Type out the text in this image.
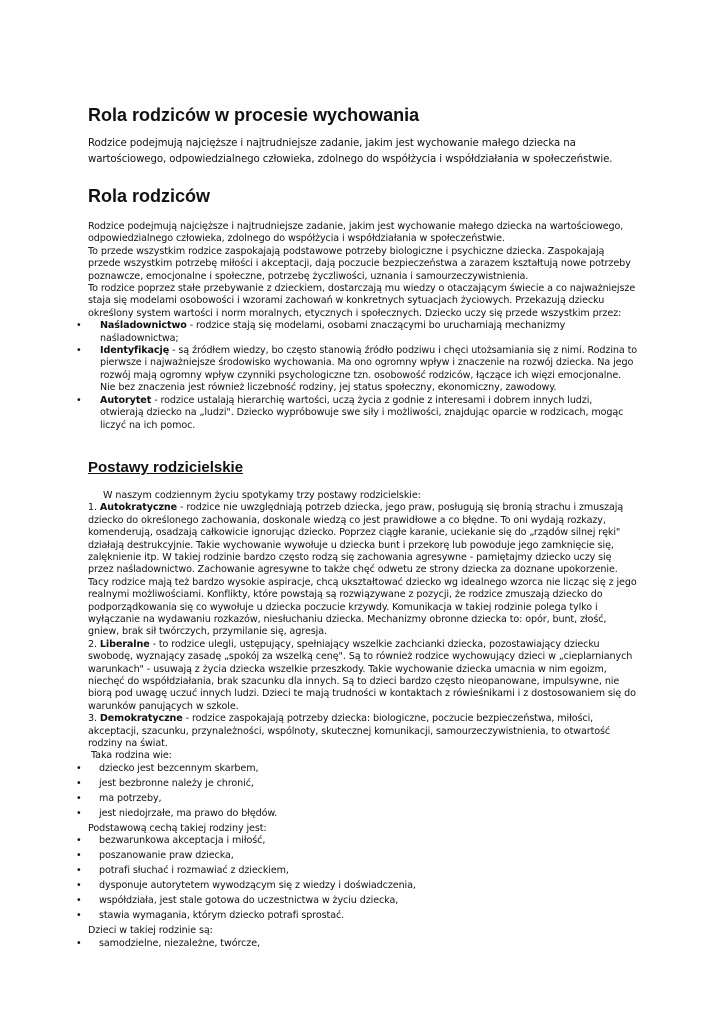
Rola rodziców w procesie wychowania

Rodzice podejmują najcięższe i najtrudniejsze zadanie, jakim jest wychowanie małego dziecka na wartościowego, odpowiedzialnego człowieka, zdolnego do współżycia i współdziałania w społeczeństwie.

Rola rodziców

Rodzice podejmują najcięższe i najtrudniejsze zadanie, jakim jest wychowanie małego dziecka na wartościowego, odpowiedzialnego człowieka, zdolnego do współżycia i współdziałania w społeczeństwie.

To przede wszystkim rodzice zaspokajają podstawowe potrzeby biologiczne i psychiczne dziecka. Zaspokajają przede wszystkim potrzebę miłości i akceptacji, dają poczucie bezpieczeństwa a zarazem kształtują nowe potrzeby poznawcze, emocjonalne i społeczne, potrzebę życzliwości, uznania i samourzeczywistnienia.

To rodzice poprzez stałe przebywanie z dzieckiem, dostarczają mu wiedzy o otaczającym świecie a co najważniejsze staja się modelami osobowości i wzorami zachowań w konkretnych sytuacjach życiowych. Przekazują dziecku określony system wartości i norm moralnych, etycznych i społecznych. Dziecko uczy się przede wszystkim przez:

• Naśladownictwo - rodzice stają się modelami, osobami znaczącymi bo uruchamiają mechanizmy naśladownictwa;
• Identyfikację - są źródłem wiedzy, bo często stanowią źródło podziwu i chęci utożsamiania się z nimi. Rodzina to pierwsze i najważniejsze środowisko wychowania. Ma ono ogromny wpływ i znaczenie na rozwój dziecka. Na jego rozwój mają ogromny wpływ czynniki psychologiczne tzn. osobowość rodziców, łączące ich więzi emocjonalne. Nie bez znaczenia jest również liczebność rodziny, jej status społeczny, ekonomiczny, zawodowy.
• Autorytet - rodzice ustalają hierarchię wartości, uczą życia z godnie z interesami i dobrem innych ludzi, otwierają dziecko na „ludzi". Dziecko wypróbowuje swe siły i możliwości, znajdując oparcie w rodzicach, mogąc liczyć na ich pomoc.
Postawy rodzicielskie

W naszym codziennym życiu spotykamy trzy postawy rodzicielskie:

1. Autokratyczne - rodzice nie uwzględniają potrzeb dziecka, jego praw, posługują się bronią strachu i zmuszają dziecko do określonego zachowania, doskonale wiedzą co jest prawidłowe a co błędne. To oni wydają rozkazy, komenderują, osadzają całkowicie ignorując dziecko. Poprzez ciągłe karanie, uciekanie się do „rządów silnej ręki" działają destrukcyjnie. Takie wychowanie wywołuje u dziecka bunt i przekorę lub powoduje jego zamknięcie się, zalęknienie itp. W takiej rodzinie bardzo często rodzą się zachowania agresywne - pamiętajmy dziecko uczy się przez naśladownictwo. Zachowanie agresywne to także chęć odwetu ze strony dziecka za doznane upokorzenie. Tacy rodzice mają też bardzo wysokie aspiracje, chcą ukształtować dziecko wg idealnego wzorca nie licząc się z jego realnymi możliwościami. Konflikty, które powstają są rozwiązywane z pozycji, że rodzice zmuszają dziecko do podporządkowania się co wywołuje u dziecka poczucie krzywdy. Komunikacja w takiej rodzinie polega tylko i wyłączanie na wydawaniu rozkazów, niesłuchaniu dziecka. Mechanizmy obronne dziecka to: opór, bunt, złość, gniew, brak sił twórczych, przymilanie się, agresja.

2. Liberalne - to rodzice ulegli, ustępujący, spełniający wszelkie zachcianki dziecka, pozostawiający dziecku swobodę, wyznający zasadę „spokój za wszelką cenę". Są to również rodzice wychowujący dzieci w „cieplarnianych warunkach" - usuwają z życia dziecka wszelkie przeszkody. Takie wychowanie dziecka umacnia w nim egoizm, niechęć do współdziałania, brak szacunku dla innych. Są to dzieci bardzo często nieopanowane, impulsywne, nie biorą pod uwagę uczuć innych ludzi. Dzieci te mają trudności w kontaktach z rówieśnikami i z dostosowaniem się do warunków panujących w szkole.

3. Demokratyczne - rodzice zaspokajają potrzeby dziecka: biologiczne, poczucie bezpieczeństwa, miłości, akceptacji, szacunku, przynależności, wspólnoty, skutecznej komunikacji, samourzeczywistnienia, to otwartość rodziny na świat.

Taka rodzina wie:

• dziecko jest bezcennym skarbem,
• jest bezbronne należy je chronić,
• ma potrzeby,
• jest niedojrzałe, ma prawo do błędów.

Podstawową cechą takiej rodziny jest:

• bezwarunkowa akceptacja i miłość,
• poszanowanie praw dziecka,
• potrafi słuchać i rozmawiać z dzieckiem,
• dysponuje autorytetem wywodzącym się z wiedzy i doświadczenia,
• współdziała, jest stale gotowa do uczestnictwa w życiu dziecka,
• stawia wymagania, którym dziecko potrafi sprostać.

Dzieci w takiej rodzinie są:

• samodzielne, niezależne, twórcze,
